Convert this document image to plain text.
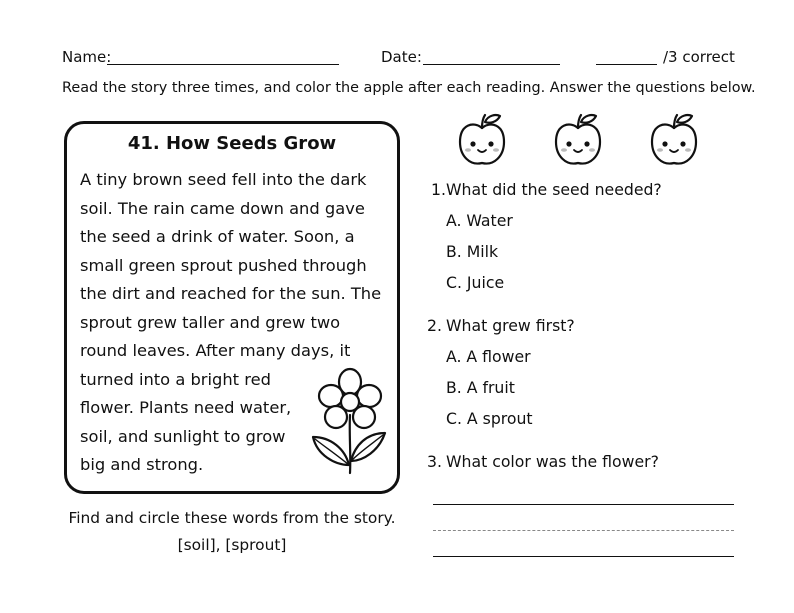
Name:	Date:	/3 correct
Read the story three times, and color the apple after each reading. Answer the questions below.
41. How Seeds Grow
A tiny brown seed fell into the dark
soil. The rain came down and gave
the seed a drink of water. Soon, a
small green sprout pushed through
the dirt and reached for the sun. The
sprout grew taller and grew two
round leaves. After many days, it
turned into a bright red
flower. Plants need water,
soil, and sunlight to grow
big and strong.
Find and circle these words from the story.
[soil], [sprout]
1. What did the seed needed?
A. Water
B. Milk
C. Juice
2. What grew first?
A. A flower
B. A fruit
C. A sprout
3. What color was the flower?
